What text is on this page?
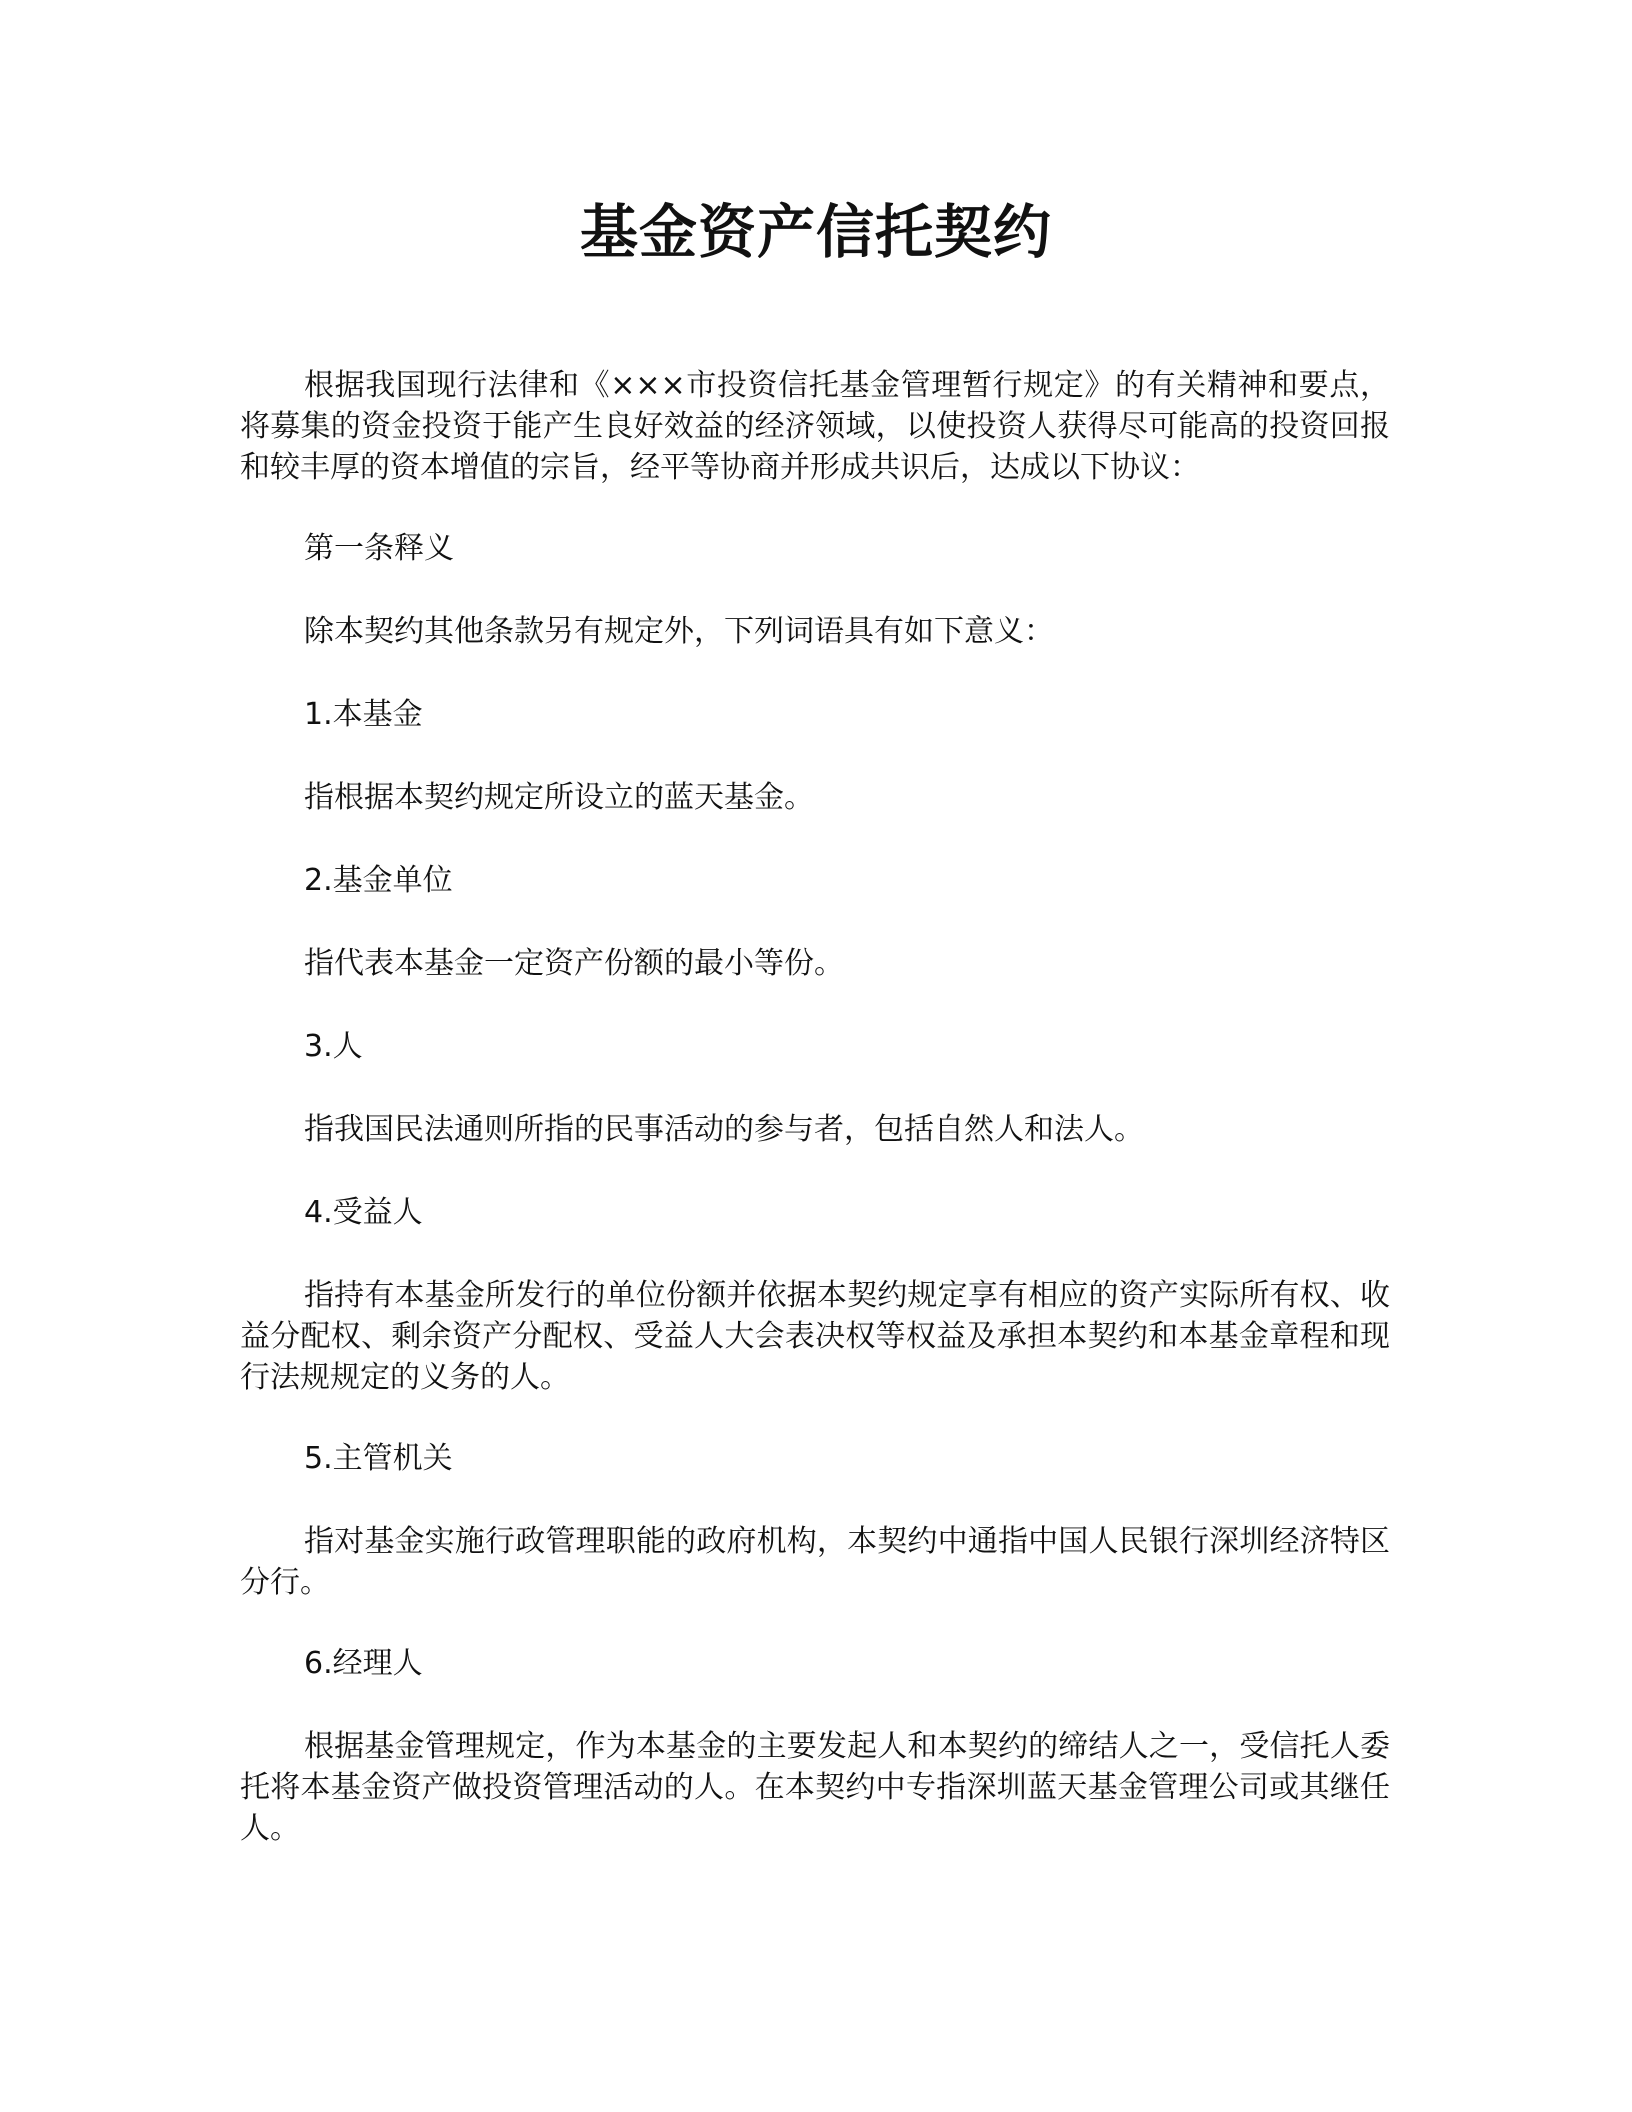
基金资产信托契约

根据我国现行法律和《×××市投资信托基金管理暂行规定》的有关精神和要点，将募集的资金投资于能产生良好效益的经济领域，以使投资人获得尽可能高的投资回报和较丰厚的资本增值的宗旨，经平等协商并形成共识后，达成以下协议：

第一条释义

除本契约其他条款另有规定外，下列词语具有如下意义：

1.本基金

指根据本契约规定所设立的蓝天基金。

2.基金单位

指代表本基金一定资产份额的最小等份。

3.人

指我国民法通则所指的民事活动的参与者，包括自然人和法人。

4.受益人

指持有本基金所发行的单位份额并依据本契约规定享有相应的资产实际所有权、收益分配权、剩余资产分配权、受益人大会表决权等权益及承担本契约和本基金章程和现行法规规定的义务的人。

5.主管机关

指对基金实施行政管理职能的政府机构，本契约中通指中国人民银行深圳经济特区分行。

6.经理人

根据基金管理规定，作为本基金的主要发起人和本契约的缔结人之一，受信托人委托将本基金资产做投资管理活动的人。在本契约中专指深圳蓝天基金管理公司或其继任人。
